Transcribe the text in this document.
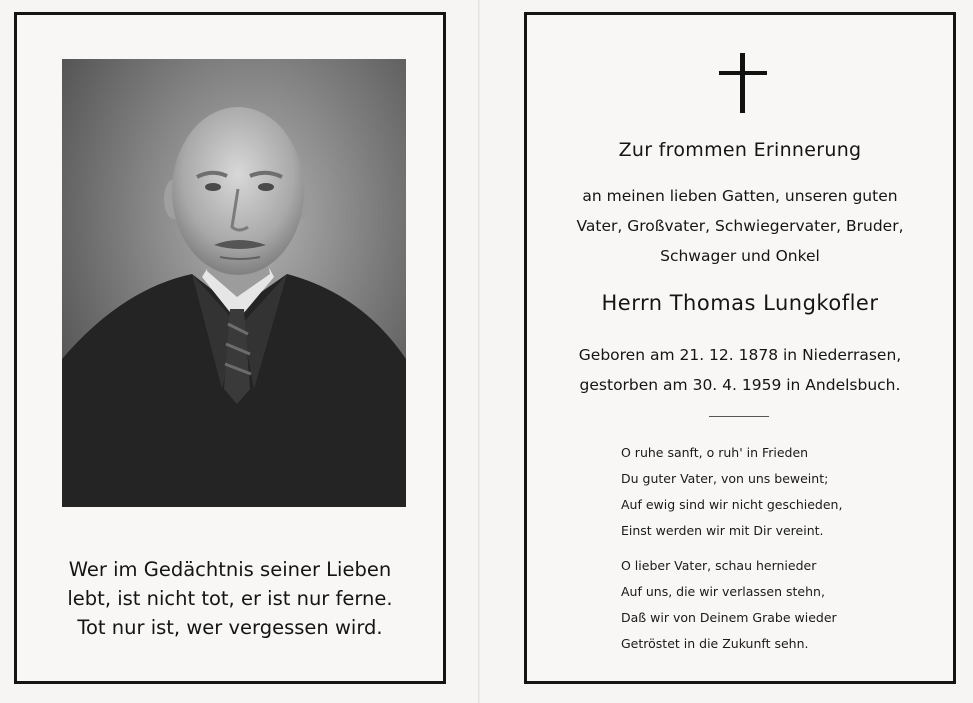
Wer im Gedächtnis seiner Lieben
lebt, ist nicht tot, er ist nur ferne.
Tot nur ist, wer vergessen wird.
Zur frommen Erinnerung
an meinen lieben Gatten, unseren guten
Vater, Großvater, Schwiegervater, Bruder,
Schwager und Onkel
Herrn Thomas Lungkofler
Geboren am 21. 12. 1878 in Niederrasen,
gestorben am 30. 4. 1959 in Andelsbuch.
O ruhe sanft, o ruh' in Frieden
Du guter Vater, von uns beweint;
Auf ewig sind wir nicht geschieden,
Einst werden wir mit Dir vereint.
O lieber Vater, schau hernieder
Auf uns, die wir verlassen stehn,
Daß wir von Deinem Grabe wieder
Getröstet in die Zukunft sehn.
